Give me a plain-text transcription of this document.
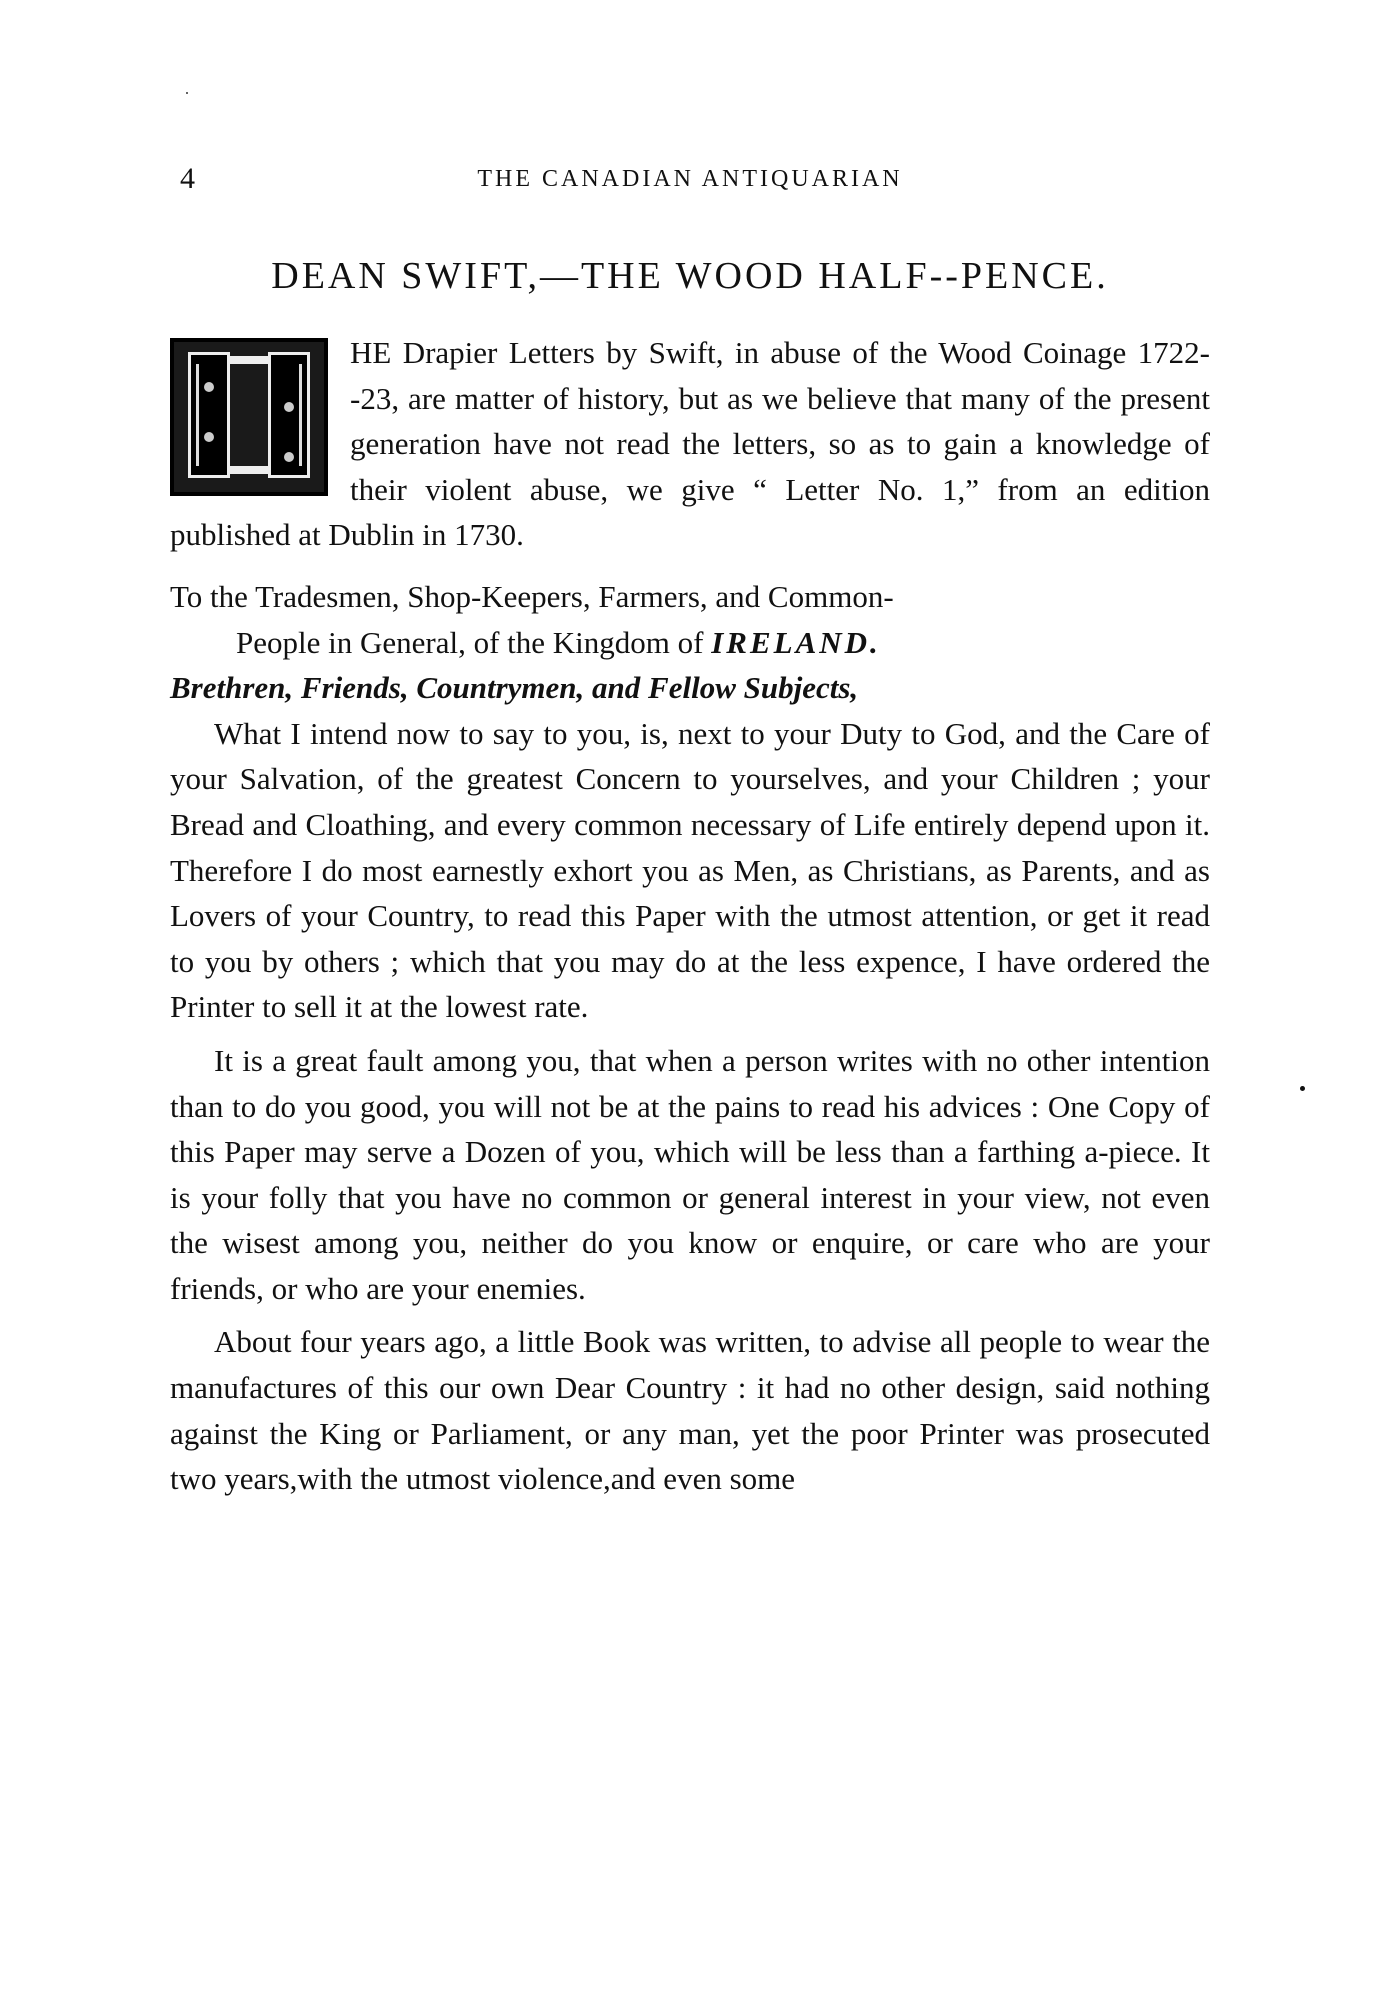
4	THE CANADIAN ANTIQUARIAN
DEAN SWIFT,—THE WOOD HALF--PENCE.

HE Drapier Letters by Swift, in abuse of the Wood Coinage 1722--23, are matter of history, but as we believe that many of the present generation have not read the letters, so as to gain a knowledge of their violent abuse, we give “ Letter No. 1,” from an edition published at Dublin in 1730.

To the Tradesmen, Shop-Keepers, Farmers, and Common-
People in General, of the Kingdom of IRELAND.

Brethren, Friends, Countrymen, and Fellow Subjects,

What I intend now to say to you, is, next to your Duty to God, and the Care of your Salvation, of the greatest Concern to yourselves, and your Children ; your Bread and Cloathing, and every common necessary of Life entirely depend upon it. Therefore I do most earnestly exhort you as Men, as Christians, as Parents, and as Lovers of your Country, to read this Paper with the utmost attention, or get it read to you by others ; which that you may do at the less expence, I have ordered the Printer to sell it at the lowest rate.

It is a great fault among you, that when a person writes with no other intention than to do you good, you will not be at the pains to read his advices : One Copy of this Paper may serve a Dozen of you, which will be less than a farthing a-piece. It is your folly that you have no common or general interest in your view, not even the wisest among you, neither do you know or enquire, or care who are your friends, or who are your enemies.

About four years ago, a little Book was written, to advise all people to wear the manufactures of this our own Dear Country : it had no other design, said nothing against the King or Parliament, or any man, yet the poor Printer was prosecuted two years,with the utmost violence,and even some
